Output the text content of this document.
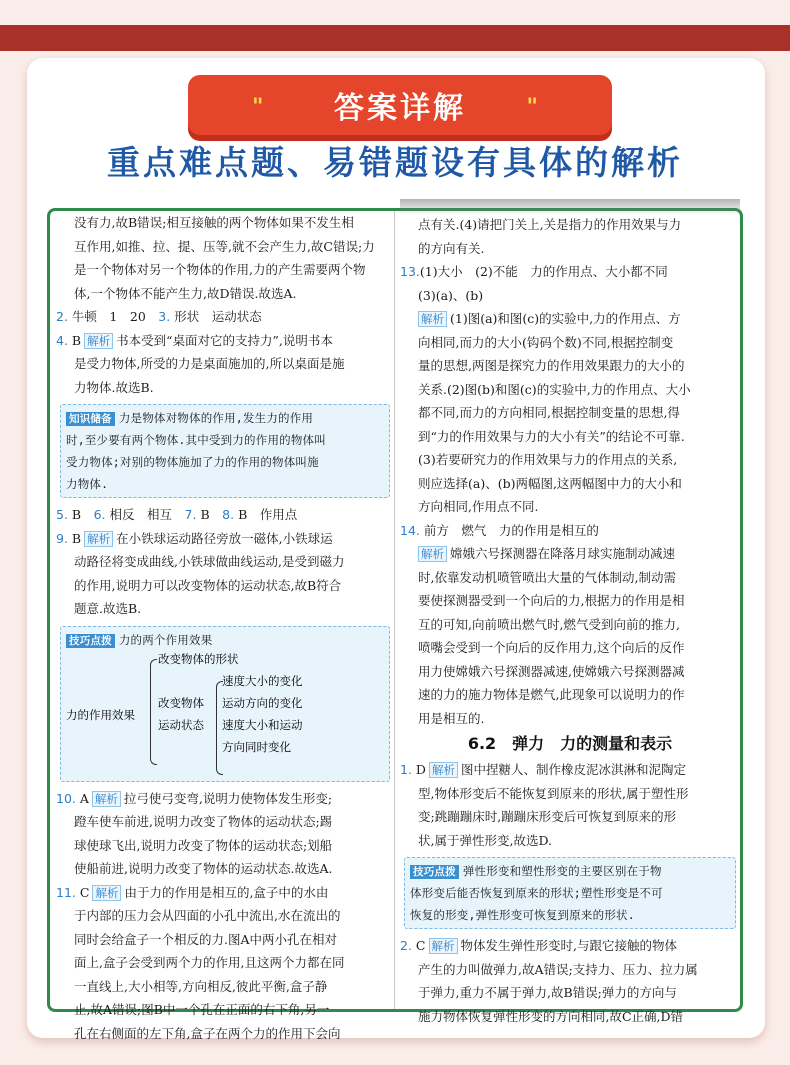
" 答案详解	"
重点难点题、易错题设有具体的解析
没有力,故B错误;相互接触的两个物体如果不发生相
互作用,如推、拉、提、压等,就不会产生力,故C错误;力
是一个物体对另一个物体的作用,力的产生需要两个物
体,一个物体不能产生力,故D错误.故选A.
2. 牛顿　1　20　3. 形状　运动状态
4. B 解析 书本受到“桌面对它的支持力”,说明书本
是受力物体,所受的力是桌面施加的,所以桌面是施
力物体.故选B.
知识储备 力是物体对物体的作用,发生力的作用
时,至少要有两个物体.其中受到力的作用的物体叫
受力物体;对别的物体施加了力的作用的物体叫施
力物体.
5. B　6. 相反　相互　7. B　8. B　作用点
9. B 解析 在小铁球运动路径旁放一磁体,小铁球运
动路径将变成曲线,小铁球做曲线运动,是受到磁力
的作用,说明力可以改变物体的运动状态,故B符合
题意.故选B.
技巧点拨 力的两个作用效果
力的作用效果
改变物体的形状
改变物体
运动状态
速度大小的变化
运动方向的变化
速度大小和运动
方向同时变化
10. A 解析 拉弓使弓变弯,说明力使物体发生形变;
蹬车使车前进,说明力改变了物体的运动状态;踢
球使球飞出,说明力改变了物体的运动状态;划船
使船前进,说明力改变了物体的运动状态.故选A.
11. C 解析 由于力的作用是相互的,盒子中的水由
于内部的压力会从四面的小孔中流出,水在流出的
同时会给盒子一个相反的力.图A中两小孔在相对
面上,盒子会受到两个力的作用,且这两个力都在同
一直线上,大小相等,方向相反,彼此平衡,盒子静
止,故A错误;图B中一个孔在正面的右下角,另一
孔在右侧面的左下角,盒子在两个力的作用下会向
点有关.(4)请把门关上,关是指力的作用效果与力
的方向有关.
13.(1)大小　(2)不能　力的作用点、大小都不同
(3)(a)、(b)
解析 (1)图(a)和图(c)的实验中,力的作用点、方
向相同,而力的大小(钩码个数)不同,根据控制变
量的思想,两图是探究力的作用效果跟力的大小的
关系.(2)图(b)和图(c)的实验中,力的作用点、大小
都不同,而力的方向相同,根据控制变量的思想,得
到“力的作用效果与力的大小有关”的结论不可靠.
(3)若要研究力的作用效果与力的作用点的关系,
则应选择(a)、(b)两幅图,这两幅图中力的大小和
方向相同,作用点不同.
14. 前方　燃气　力的作用是相互的
解析 嫦娥六号探测器在降落月球实施制动减速
时,依靠发动机喷管喷出大量的气体制动,制动需
要使探测器受到一个向后的力,根据力的作用是相
互的可知,向前喷出燃气时,燃气受到向前的推力,
喷嘴会受到一个向后的反作用力,这个向后的反作
用力使嫦娥六号探测器减速,使嫦娥六号探测器减
速的力的施力物体是燃气,此现象可以说明力的作
用是相互的.
6.2　弹力　力的测量和表示
1. D 解析 图中捏糖人、制作橡皮泥冰淇淋和泥陶定
型,物体形变后不能恢复到原来的形状,属于塑性形
变;跳蹦蹦床时,蹦蹦床形变后可恢复到原来的形
状,属于弹性形变,故选D.
技巧点拨 弹性形变和塑性形变的主要区别在于物
体形变后能否恢复到原来的形状;塑性形变是不可
恢复的形变,弹性形变可恢复到原来的形状.
2. C 解析 物体发生弹性形变时,与跟它接触的物体
产生的力叫做弹力,故A错误;支持力、压力、拉力属
于弹力,重力不属于弹力,故B错误;弹力的方向与
施力物体恢复弹性形变的方向相同,故C正确,D错
